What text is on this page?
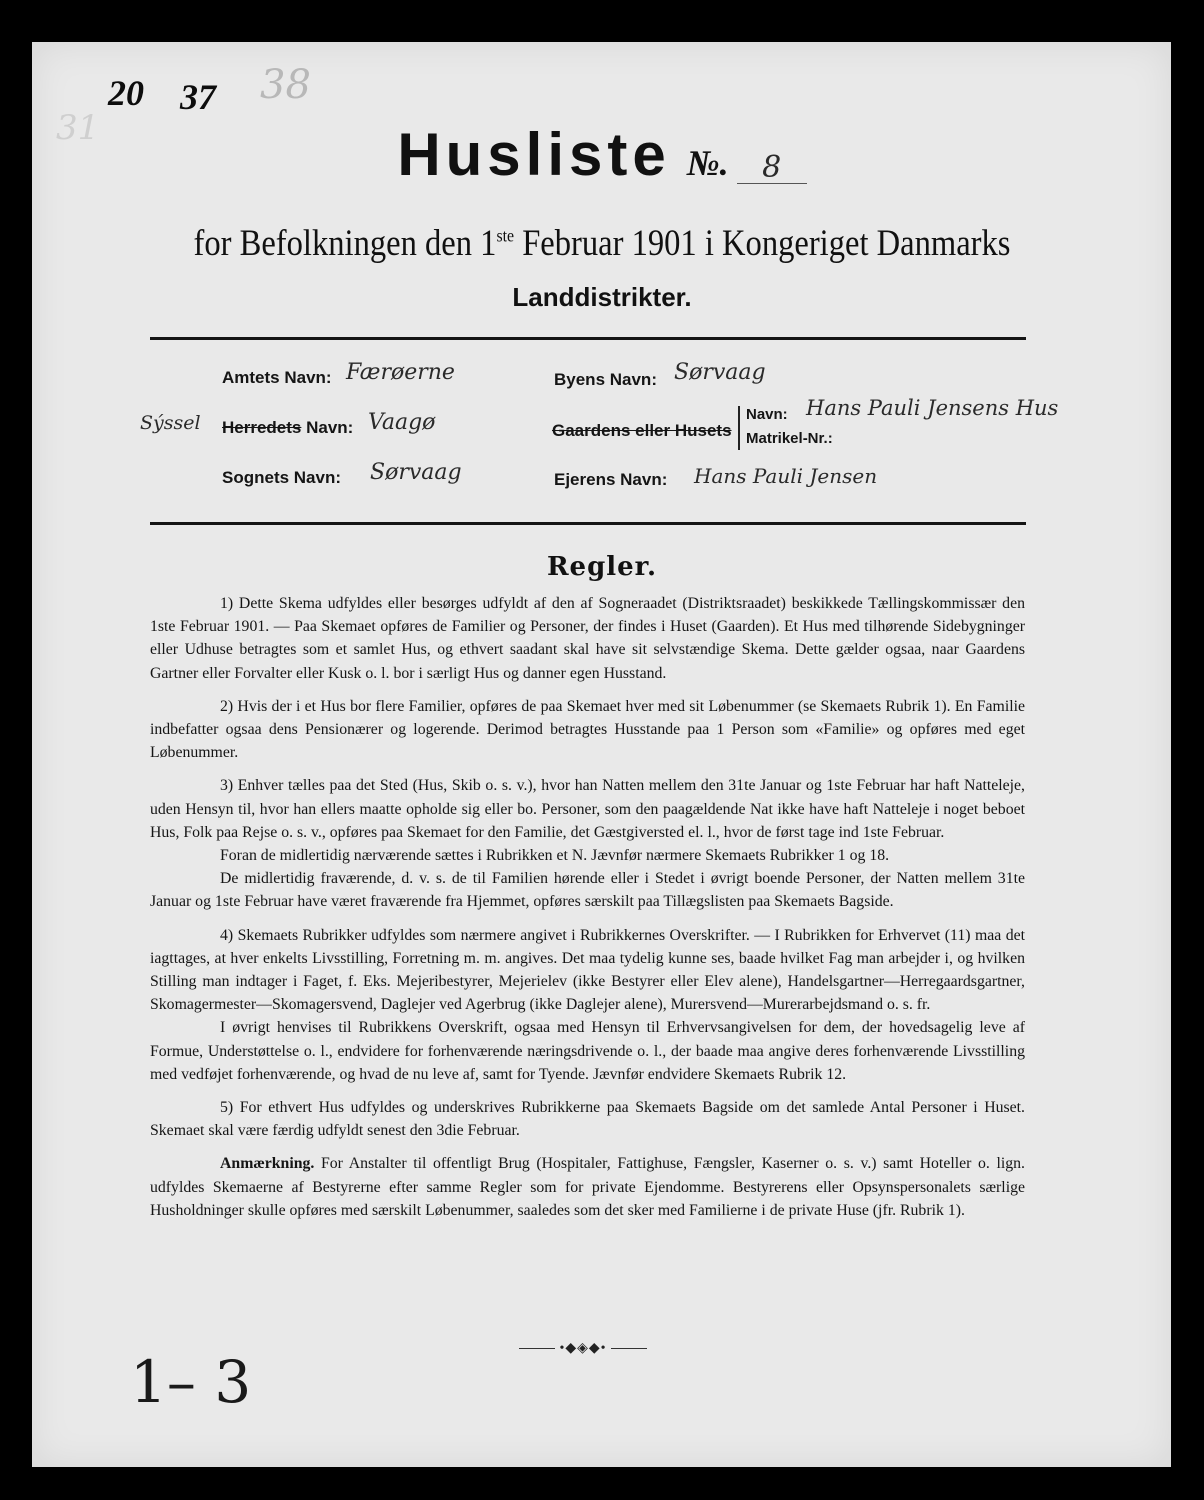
20 37 38
31	Husliste №. 8
for Befolkningen den 1ste Februar 1901 i Kongeriget Danmarks
Landdistrikter.
Amtets Navn: Færøerne
Sýssel Herredets Navn: Vaagø
Sognets Navn: Sørvaag
Byens Navn: Sørvaag
Gaardens eller Husets
Navn: Hans Pauli Jensens Hus
Matrikel-Nr.:
Ejerens Navn: Hans Pauli Jensen
Regler.

1) Dette Skema udfyldes eller besørges udfyldt af den af Sogneraadet (Distriktsraadet) beskikkede Tællingskommissær den 1ste Februar 1901. — Paa Skemaet opføres de Familier og Personer, der findes i Huset (Gaarden). Et Hus med tilhørende Sidebygninger eller Udhuse betragtes som et samlet Hus, og ethvert saadant skal have sit selvstændige Skema. Dette gælder ogsaa, naar Gaardens Gartner eller Forvalter eller Kusk o. l. bor i særligt Hus og danner egen Husstand.

2) Hvis der i et Hus bor flere Familier, opføres de paa Skemaet hver med sit Løbenummer (se Skemaets Rubrik 1). En Familie indbefatter ogsaa dens Pensionærer og logerende. Derimod betragtes Husstande paa 1 Person som «Familie» og opføres med eget Løbenummer.

3) Enhver tælles paa det Sted (Hus, Skib o. s. v.), hvor han Natten mellem den 31te Januar og 1ste Februar har haft Natteleje, uden Hensyn til, hvor han ellers maatte opholde sig eller bo. Personer, som den paagældende Nat ikke have haft Natteleje i noget beboet Hus, Folk paa Rejse o. s. v., opføres paa Skemaet for den Familie, det Gæstgiversted el. l., hvor de først tage ind 1ste Februar.

Foran de midlertidig nærværende sættes i Rubrikken et N. Jævnfør nærmere Skemaets Rubrikker 1 og 18.

De midlertidig fraværende, d. v. s. de til Familien hørende eller i Stedet i øvrigt boende Personer, der Natten mellem 31te Januar og 1ste Februar have været fraværende fra Hjemmet, opføres særskilt paa Tillægslisten paa Skemaets Bagside.

4) Skemaets Rubrikker udfyldes som nærmere angivet i Rubrikkernes Overskrifter. — I Rubrikken for Erhvervet (11) maa det iagttages, at hver enkelts Livsstilling, Forretning m. m. angives. Det maa tydelig kunne ses, baade hvilket Fag man arbejder i, og hvilken Stilling man indtager i Faget, f. Eks. Mejeribestyrer, Mejerielev (ikke Bestyrer eller Elev alene), Handelsgartner—Herregaardsgartner, Skomagermester—Skomagersvend, Daglejer ved Agerbrug (ikke Daglejer alene), Murersvend—Murerarbejdsmand o. s. fr.

I øvrigt henvises til Rubrikkens Overskrift, ogsaa med Hensyn til Erhvervsangivelsen for dem, der hovedsagelig leve af Formue, Understøttelse o. l., endvidere for forhenværende næringsdrivende o. l., der baade maa angive deres forhenværende Livsstilling med vedføjet forhenværende, og hvad de nu leve af, samt for Tyende. Jævnfør endvidere Skemaets Rubrik 12.

5) For ethvert Hus udfyldes og underskrives Rubrikkerne paa Skemaets Bagside om det samlede Antal Personer i Huset. Skemaet skal være færdig udfyldt senest den 3die Februar.

Anmærkning. For Anstalter til offentligt Brug (Hospitaler, Fattighuse, Fængsler, Kaserner o. s. v.) samt Hoteller o. lign. udfyldes Skemaerne af Bestyrerne efter samme Regler som for private Ejendomme. Bestyrerens eller Opsynspersonalets særlige Husholdninger skulle opføres med særskilt Løbenummer, saaledes som det sker med Familierne i de private Huse (jfr. Rubrik 1).

•◆◈◆•
1– 3
